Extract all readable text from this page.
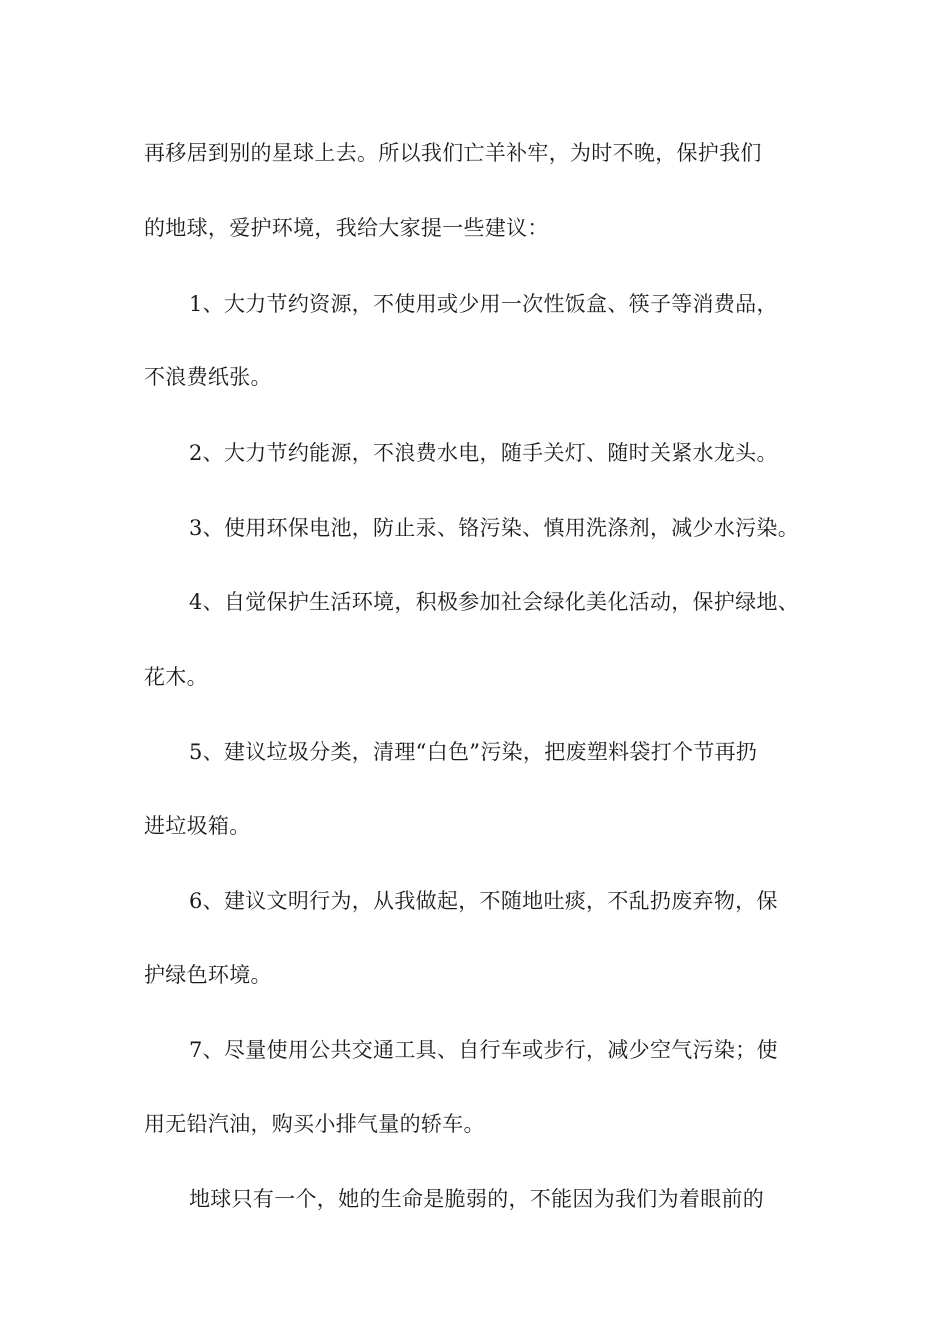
再移居到别的星球上去。所以我们亡羊补牢，为时不晚，保护我们
的地球，爱护环境，我给大家提一些建议：
1、大力节约资源，不使用或少用一次性饭盒、筷子等消费品，
不浪费纸张。
2、大力节约能源，不浪费水电，随手关灯、随时关紧水龙头。
3、使用环保电池，防止汞、铬污染、慎用洗涤剂，减少水污染。
4、自觉保护生活环境，积极参加社会绿化美化活动，保护绿地、
花木。
5、建议垃圾分类，清理“白色”污染，把废塑料袋打个节再扔
进垃圾箱。
6、建议文明行为，从我做起，不随地吐痰，不乱扔废弃物，保
护绿色环境。
7、尽量使用公共交通工具、自行车或步行，减少空气污染；使
用无铅汽油，购买小排气量的轿车。
地球只有一个，她的生命是脆弱的，不能因为我们为着眼前的
